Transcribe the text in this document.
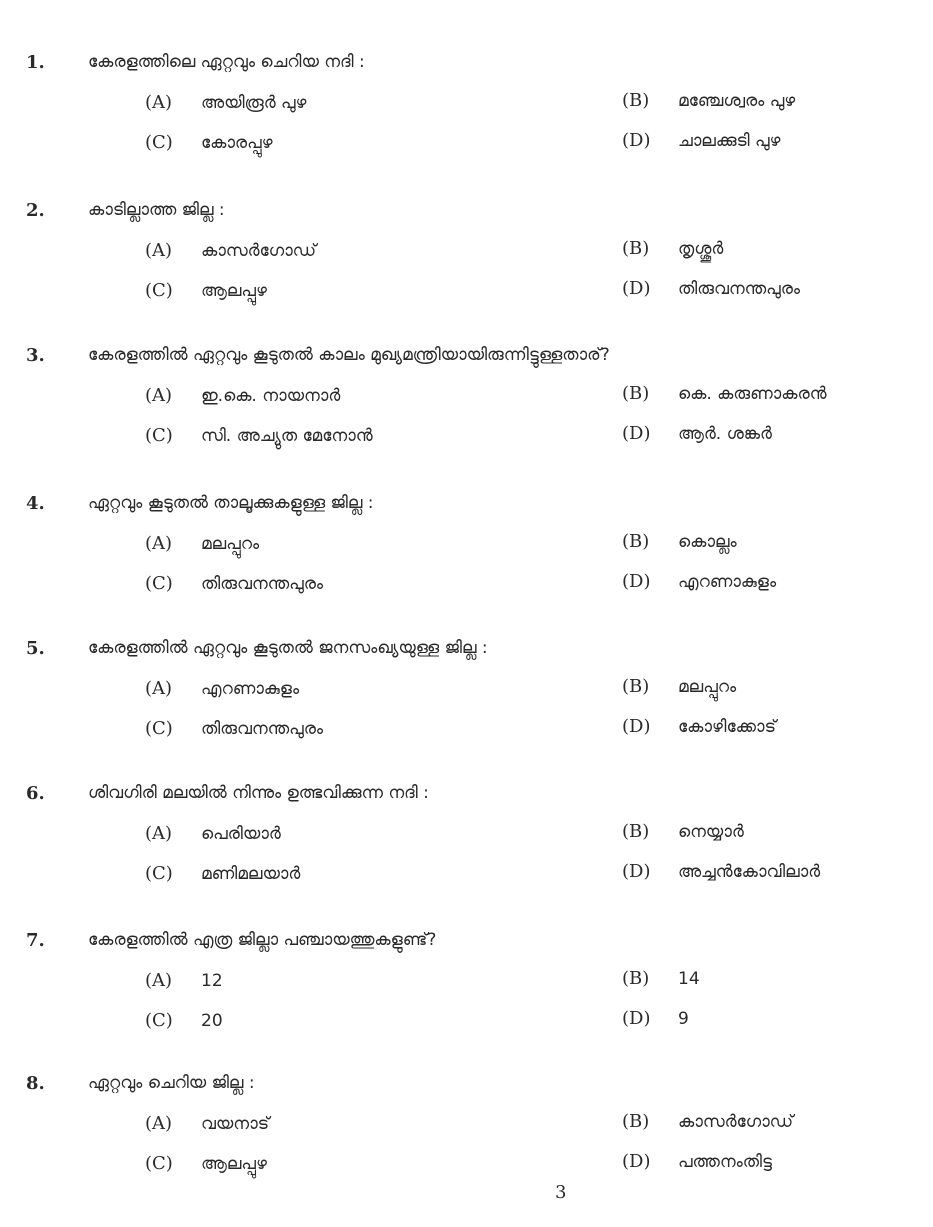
1.	കേരളത്തിലെ ഏറ്റവും ചെറിയ നദി :
(A) അയിരൂർ പുഴ	(B) മഞ്ചേശ്വരം പുഴ
(C) കോരപ്പുഴ	(D) ചാലക്കുടി പുഴ
2.	കാടില്ലാത്ത ജില്ല :
(A) കാസർഗോഡ്	(B) തൃശ്ശൂർ
(C) ആലപ്പുഴ	(D) തിരുവനന്തപുരം
3.	കേരളത്തിൽ ഏറ്റവും കൂടുതൽ കാലം മുഖ്യമന്ത്രിയായിരുന്നിട്ടുള്ളതാര്?
(A) ഇ.കെ. നായനാർ	(B) കെ. കരുണാകരൻ
(C) സി. അച്യുത മേനോൻ	(D) ആർ. ശങ്കർ
4.	ഏറ്റവും കൂടുതൽ താലൂക്കുകളുള്ള ജില്ല :
(A) മലപ്പുറം	(B) കൊല്ലം
(C) തിരുവനന്തപുരം	(D) എറണാകുളം
5.	കേരളത്തിൽ ഏറ്റവും കൂടുതൽ ജനസംഖ്യയുള്ള ജില്ല :
(A) എറണാകുളം	(B) മലപ്പുറം
(C) തിരുവനന്തപുരം	(D) കോഴിക്കോട്
6.	ശിവഗിരി മലയിൽ നിന്നും ഉത്ഭവിക്കുന്ന നദി :
(A) പെരിയാർ	(B) നെയ്യാർ
(C) മണിമലയാർ	(D) അച്ചൻകോവിലാർ
7.	കേരളത്തിൽ എത്ര ജില്ലാ പഞ്ചായത്തുകളുണ്ട്?
(A) 12	(B) 14
(C) 20	(D) 9
8.	ഏറ്റവും ചെറിയ ജില്ല :
(A) വയനാട്	(B) കാസർഗോഡ്
(C) ആലപ്പുഴ	(D) പത്തനംതിട്ട
3
